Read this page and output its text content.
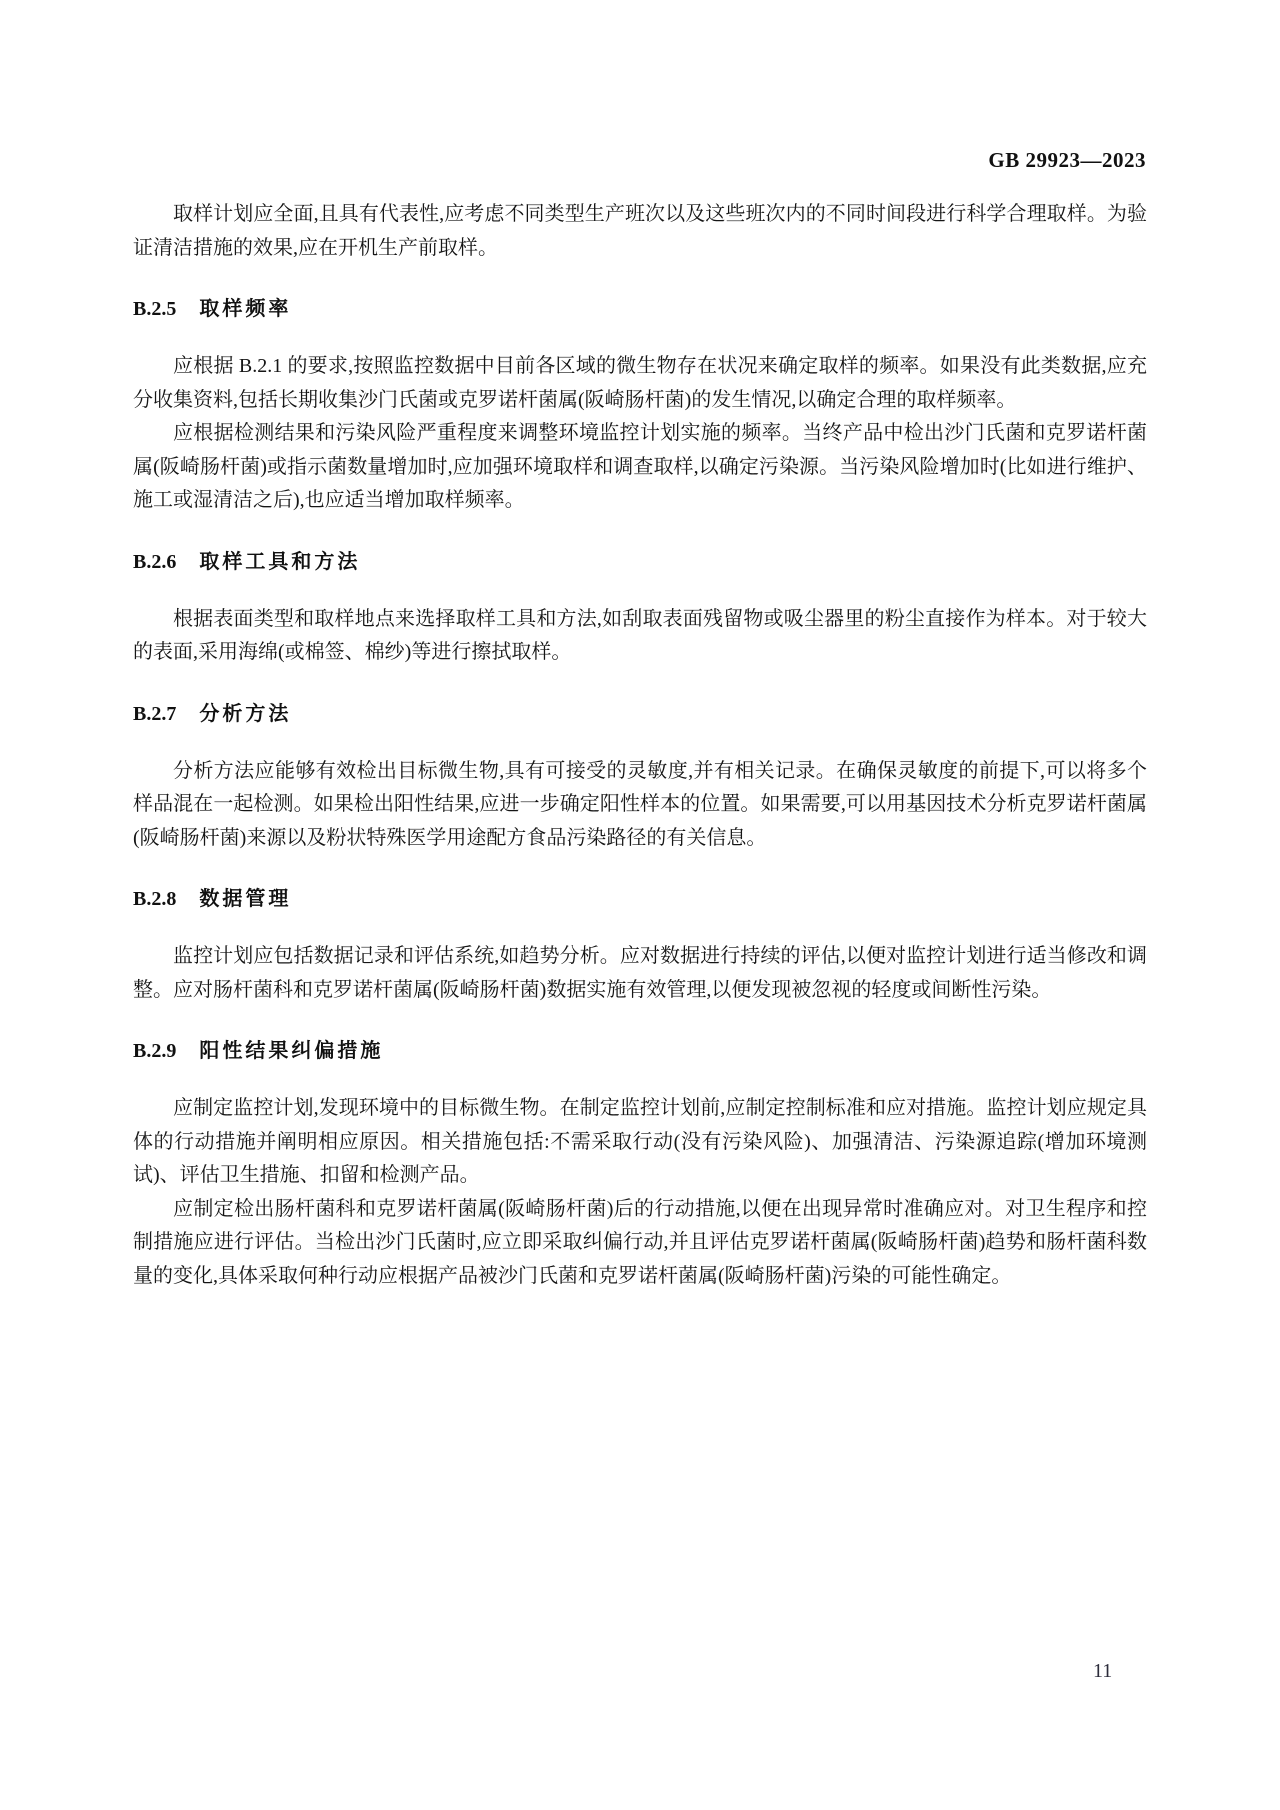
GB 29923—2023

取样计划应全面,且具有代表性,应考虑不同类型生产班次以及这些班次内的不同时间段进行科学合理取样。为验证清洁措施的效果,应在开机生产前取样。

B.2.5 取样频率

应根据 B.2.1 的要求,按照监控数据中目前各区域的微生物存在状况来确定取样的频率。如果没有此类数据,应充分收集资料,包括长期收集沙门氏菌或克罗诺杆菌属(阪崎肠杆菌)的发生情况,以确定合理的取样频率。

应根据检测结果和污染风险严重程度来调整环境监控计划实施的频率。当终产品中检出沙门氏菌和克罗诺杆菌属(阪崎肠杆菌)或指示菌数量增加时,应加强环境取样和调查取样,以确定污染源。当污染风险增加时(比如进行维护、施工或湿清洁之后),也应适当增加取样频率。

B.2.6 取样工具和方法

根据表面类型和取样地点来选择取样工具和方法,如刮取表面残留物或吸尘器里的粉尘直接作为样本。对于较大的表面,采用海绵(或棉签、棉纱)等进行擦拭取样。

B.2.7 分析方法

分析方法应能够有效检出目标微生物,具有可接受的灵敏度,并有相关记录。在确保灵敏度的前提下,可以将多个样品混在一起检测。如果检出阳性结果,应进一步确定阳性样本的位置。如果需要,可以用基因技术分析克罗诺杆菌属(阪崎肠杆菌)来源以及粉状特殊医学用途配方食品污染路径的有关信息。

B.2.8 数据管理

监控计划应包括数据记录和评估系统,如趋势分析。应对数据进行持续的评估,以便对监控计划进行适当修改和调整。应对肠杆菌科和克罗诺杆菌属(阪崎肠杆菌)数据实施有效管理,以便发现被忽视的轻度或间断性污染。

B.2.9 阳性结果纠偏措施

应制定监控计划,发现环境中的目标微生物。在制定监控计划前,应制定控制标准和应对措施。监控计划应规定具体的行动措施并阐明相应原因。相关措施包括:不需采取行动(没有污染风险)、加强清洁、污染源追踪(增加环境测试)、评估卫生措施、扣留和检测产品。

应制定检出肠杆菌科和克罗诺杆菌属(阪崎肠杆菌)后的行动措施,以便在出现异常时准确应对。对卫生程序和控制措施应进行评估。当检出沙门氏菌时,应立即采取纠偏行动,并且评估克罗诺杆菌属(阪崎肠杆菌)趋势和肠杆菌科数量的变化,具体采取何种行动应根据产品被沙门氏菌和克罗诺杆菌属(阪崎肠杆菌)污染的可能性确定。

11
